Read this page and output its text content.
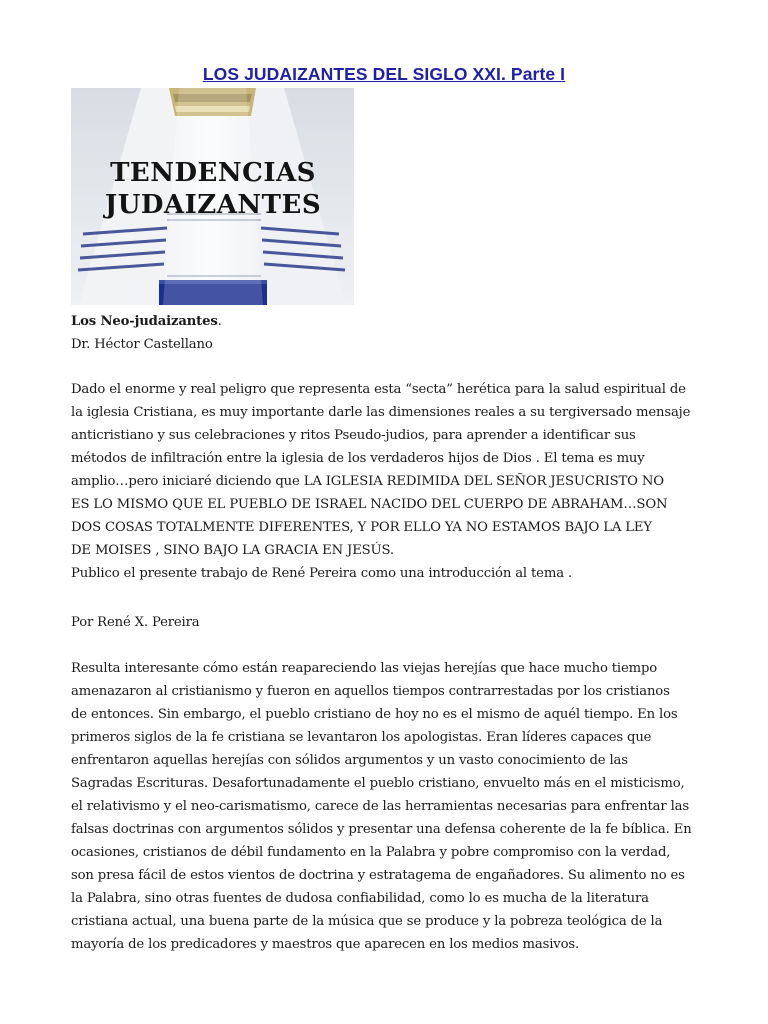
LOS JUDAIZANTES DEL SIGLO XXI. Parte I
TENDENCIAS
JUDAIZANTES
Los Neo-judaizantes.
Dr. Héctor Castellano
Dado el enorme y real peligro que representa esta “secta” herética para la salud espiritual de
la iglesia Cristiana, es muy importante darle las dimensiones reales a su tergiversado mensaje
anticristiano y sus celebraciones y ritos Pseudo-judios, para aprender a identificar sus
métodos de infiltración entre la iglesia de los verdaderos hijos de Dios . El tema es muy
amplio…pero iniciaré diciendo que LA IGLESIA REDIMIDA DEL SEÑOR JESUCRISTO NO
ES LO MISMO QUE EL PUEBLO DE ISRAEL NACIDO DEL CUERPO DE ABRAHAM…SON
DOS COSAS TOTALMENTE DIFERENTES, Y POR ELLO YA NO ESTAMOS BAJO LA LEY
DE MOISES , SINO BAJO LA GRACIA EN JESÚS.
Publico el presente trabajo de René Pereira como una introducción al tema .
Por René X. Pereira
Resulta interesante cómo están reapareciendo las viejas herejías que hace mucho tiempo
amenazaron al cristianismo y fueron en aquellos tiempos contrarrestadas por los cristianos
de entonces. Sin embargo, el pueblo cristiano de hoy no es el mismo de aquél tiempo. En los
primeros siglos de la fe cristiana se levantaron los apologistas. Eran líderes capaces que
enfrentaron aquellas herejías con sólidos argumentos y un vasto conocimiento de las
Sagradas Escrituras. Desafortunadamente el pueblo cristiano, envuelto más en el misticismo,
el relativismo y el neo-carismatismo, carece de las herramientas necesarias para enfrentar las
falsas doctrinas con argumentos sólidos y presentar una defensa coherente de la fe bíblica. En
ocasiones, cristianos de débil fundamento en la Palabra y pobre compromiso con la verdad,
son presa fácil de estos vientos de doctrina y estratagema de engañadores. Su alimento no es
la Palabra, sino otras fuentes de dudosa confiabilidad, como lo es mucha de la literatura
cristiana actual, una buena parte de la música que se produce y la pobreza teológica de la
mayoría de los predicadores y maestros que aparecen en los medios masivos.
